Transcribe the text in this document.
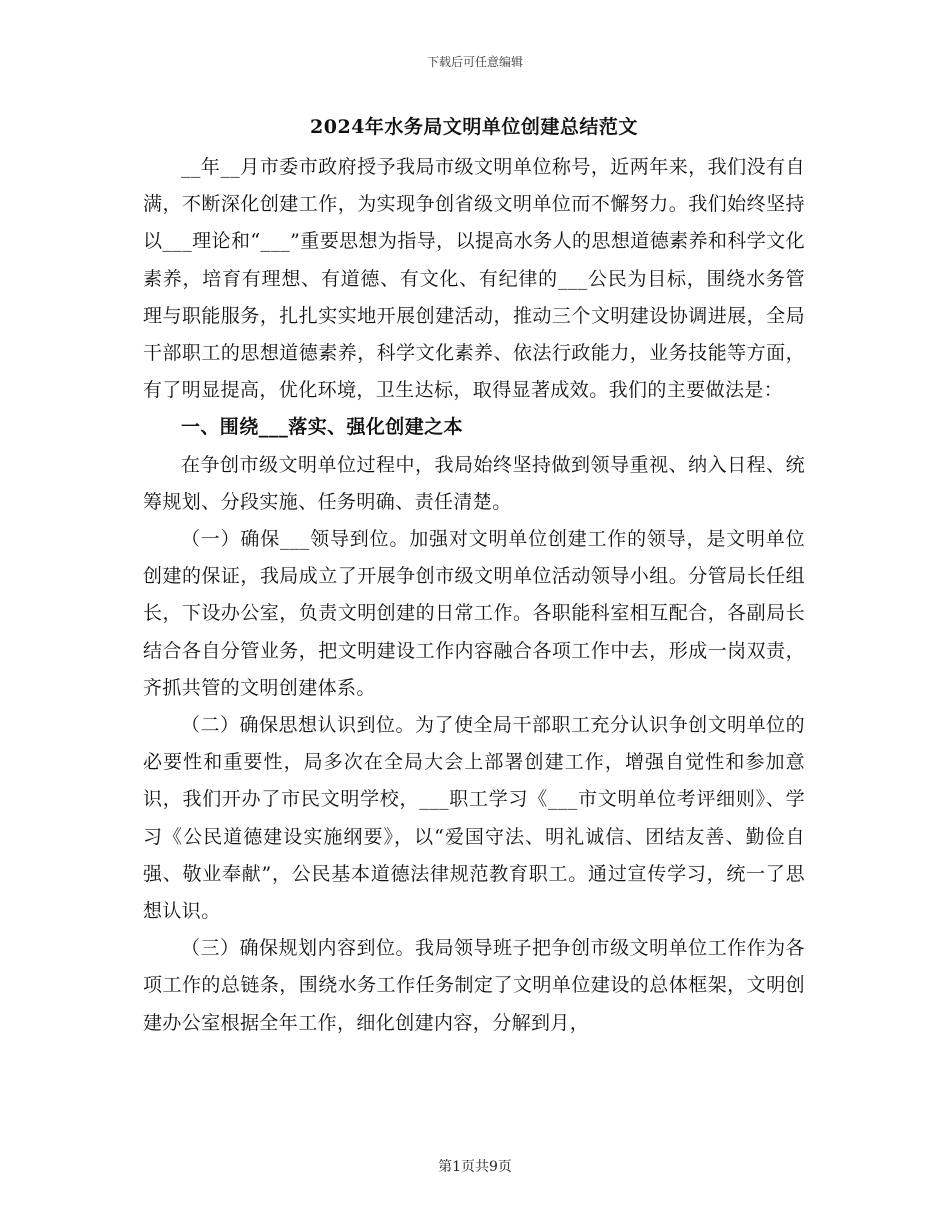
下载后可任意编辑
2024年水务局文明单位创建总结范文

__年__月市委市政府授予我局市级文明单位称号，近两年来，我们没有自满，不断深化创建工作，为实现争创省级文明单位而不懈努力。我们始终坚持以___理论和“___”重要思想为指导，以提高水务人的思想道德素养和科学文化素养，培育有理想、有道德、有文化、有纪律的___公民为目标，围绕水务管理与职能服务，扎扎实实地开展创建活动，推动三个文明建设协调进展，全局干部职工的思想道德素养，科学文化素养、依法行政能力，业务技能等方面，有了明显提高，优化环境，卫生达标，取得显著成效。我们的主要做法是：

一、围绕___落实、强化创建之本

在争创市级文明单位过程中，我局始终坚持做到领导重视、纳入日程、统筹规划、分段实施、任务明确、责任清楚。

（一）确保___领导到位。加强对文明单位创建工作的领导，是文明单位创建的保证，我局成立了开展争创市级文明单位活动领导小组。分管局长任组长，下设办公室，负责文明创建的日常工作。各职能科室相互配合，各副局长结合各自分管业务，把文明建设工作内容融合各项工作中去，形成一岗双责，齐抓共管的文明创建体系。

（二）确保思想认识到位。为了使全局干部职工充分认识争创文明单位的必要性和重要性，局多次在全局大会上部署创建工作，增强自觉性和参加意识，我们开办了市民文明学校，___职工学习《___市文明单位考评细则》、学习《公民道德建设实施纲要》，以“爱国守法、明礼诚信、团结友善、勤俭自强、敬业奉献”，公民基本道德法律规范教育职工。通过宣传学习，统一了思想认识。

（三）确保规划内容到位。我局领导班子把争创市级文明单位工作作为各项工作的总链条，围绕水务工作任务制定了文明单位建设的总体框架，文明创建办公室根据全年工作，细化创建内容，分解到月，

第1页共9页
